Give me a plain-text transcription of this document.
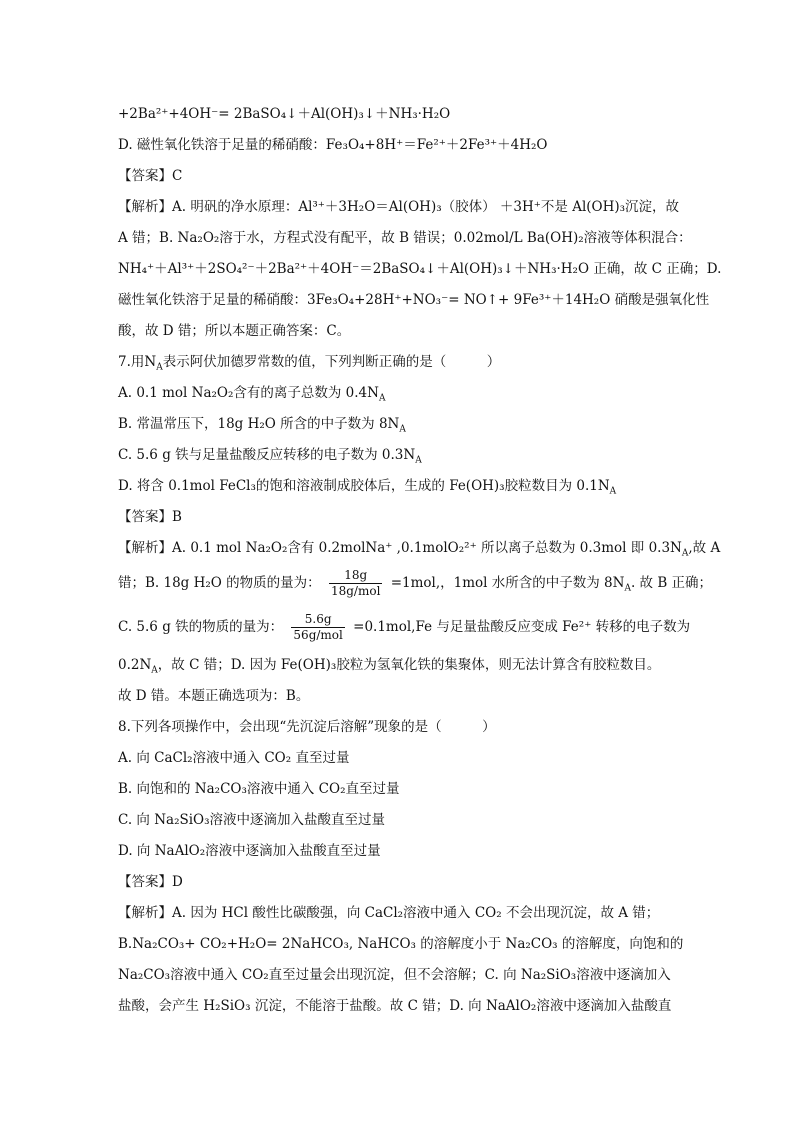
+2Ba²⁺+4OH⁻= 2BaSO₄↓＋Al(OH)₃↓＋NH₃·H₂O
D. 磁性氧化铁溶于足量的稀硝酸：Fe₃O₄+8H⁺＝Fe²⁺＋2Fe³⁺＋4H₂O
【答案】C
【解析】A. 明矾的净水原理：Al³⁺＋3H₂O＝Al(OH)₃（胶体） ＋3H⁺不是 Al(OH)₃沉淀，故
A 错；B. Na₂O₂溶于水，方程式没有配平，故 B 错误；0.02mol/L Ba(OH)₂溶液等体积混合：
NH₄⁺＋Al³⁺＋2SO₄²⁻＋2Ba²⁺＋4OH⁻＝2BaSO₄↓＋Al(OH)₃↓＋NH₃·H₂O 正确，故 C 正确；D.
磁性氧化铁溶于足量的稀硝酸：3Fe₃O₄+28H⁺+NO₃⁻= NO↑+ 9Fe³⁺＋14H₂O 硝酸是强氧化性
酸，故 D 错；所以本题正确答案：C。
7.用$N_A$表示阿伏加德罗常数的值，下列判断正确的是（　　　）
A. 0.1 mol Na₂O₂含有的离子总数为 $0.4N_A$
B. 常温常压下，18g H₂O 所含的中子数为 $8N_A$
C. 5.6 g 铁与足量盐酸反应转移的电子数为 $0.3N_A$
D. 将含 0.1mol FeCl₃的饱和溶液制成胶体后，生成的 Fe(OH)₃胶粒数目为 $0.1N_A$
【答案】B
【解析】A. 0.1 mol Na₂O₂含有 0.2molNa⁺ ,0.1molO₂²⁺ 所以离子总数为 0.3mol 即 $0.3N_A$,故 A
错；B. 18g H₂O 的物质的量为： $\frac{18g}{\text{18g/mol}} =1mol$,，1mol 水所含的中子数为 $8N_A$. 故 B 正确；
C. 5.6 g 铁的物质的量为： $\frac{5.6g}{\text{56g/mol}} =0.1mol,Fe$ 与足量盐酸反应变成 Fe²⁺ 转移的电子数为
$0.2N_A$，故 C 错；D. 因为 Fe(OH)₃胶粒为氢氧化铁的集聚体，则无法计算含有胶粒数目。
故 D 错。本题正确选项为：B。
8.下列各项操作中，会出现“先沉淀后溶解”现象的是（　　　）
A. 向 CaCl₂溶液中通入 CO₂ 直至过量
B. 向饱和的 Na₂CO₃溶液中通入 CO₂直至过量
C. 向 Na₂SiO₃溶液中逐滴加入盐酸直至过量
D. 向 NaAlO₂溶液中逐滴加入盐酸直至过量
【答案】D
【解析】A. 因为 HCl 酸性比碳酸强，向 CaCl₂溶液中通入 CO₂ 不会出现沉淀，故 A 错；
B.Na₂CO₃+ CO₂+H₂O= 2NaHCO₃, NaHCO₃ 的溶解度小于 Na₂CO₃ 的溶解度，向饱和的
Na₂CO₃溶液中通入 CO₂直至过量会出现沉淀，但不会溶解；C. 向 Na₂SiO₃溶液中逐滴加入
盐酸，会产生 H₂SiO₃ 沉淀，不能溶于盐酸。故 C 错；D. 向 NaAlO₂溶液中逐滴加入盐酸直
